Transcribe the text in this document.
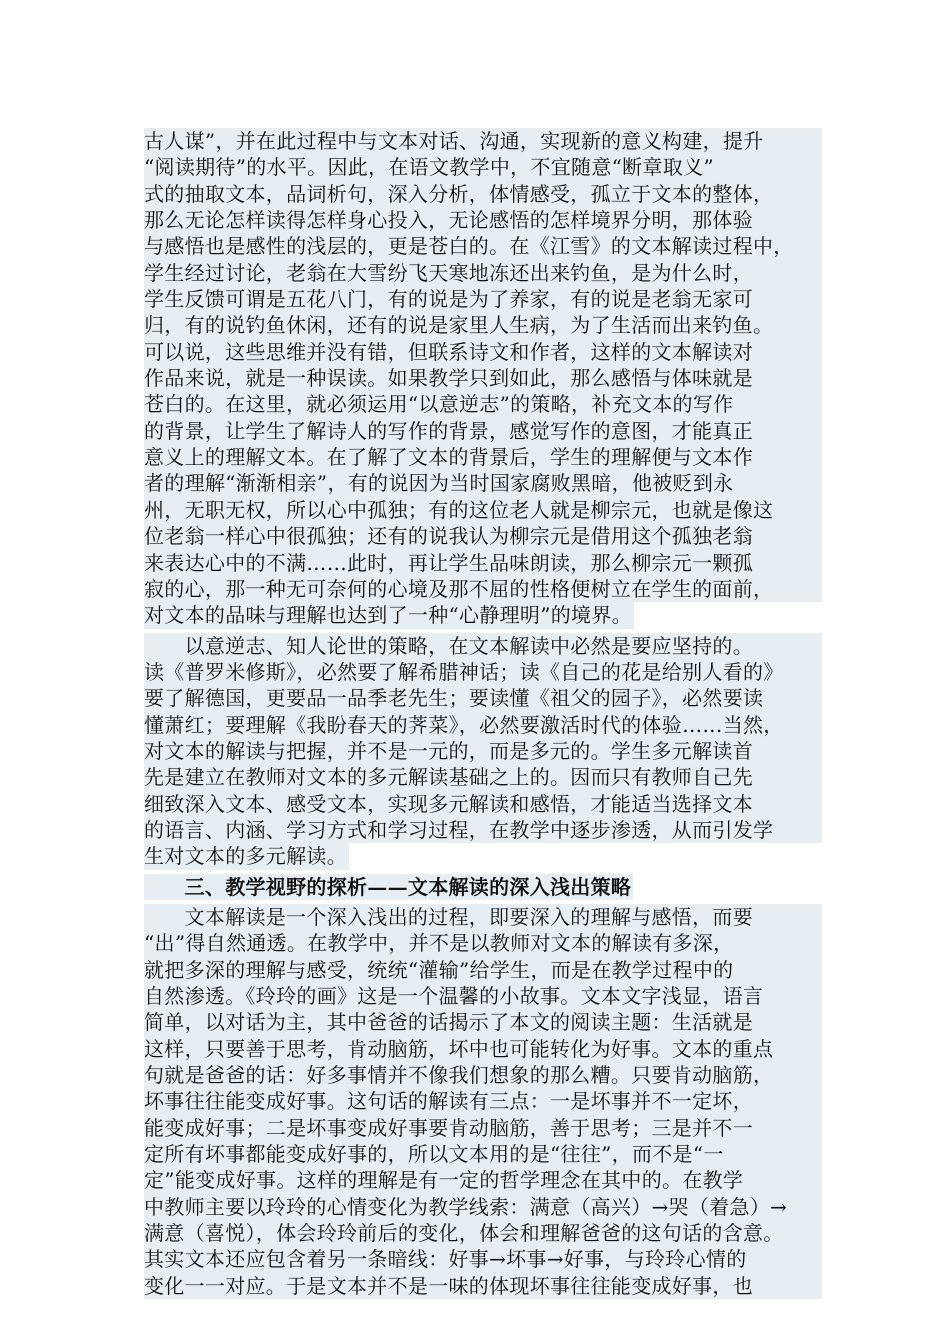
古人谋”，并在此过程中与文本对话、沟通，实现新的意义构建，提升
“阅读期待”的水平。因此，在语文教学中，不宜随意“断章取义”
式的抽取文本，品词析句，深入分析，体情感受，孤立于文本的整体，
那么无论怎样读得怎样身心投入，无论感悟的怎样境界分明，那体验
与感悟也是感性的浅层的，更是苍白的。在《江雪》的文本解读过程中，
学生经过讨论，老翁在大雪纷飞天寒地冻还出来钓鱼，是为什么时，
学生反馈可谓是五花八门，有的说是为了养家，有的说是老翁无家可
归，有的说钓鱼休闲，还有的说是家里人生病，为了生活而出来钓鱼。
可以说，这些思维并没有错，但联系诗文和作者，这样的文本解读对
作品来说，就是一种误读。如果教学只到如此，那么感悟与体味就是
苍白的。在这里，就必须运用“以意逆志”的策略，补充文本的写作
的背景，让学生了解诗人的写作的背景，感觉写作的意图，才能真正
意义上的理解文本。在了解了文本的背景后，学生的理解便与文本作
者的理解“渐渐相亲”，有的说因为当时国家腐败黑暗，他被贬到永
州，无职无权，所以心中孤独；有的这位老人就是柳宗元，也就是像这
位老翁一样心中很孤独；还有的说我认为柳宗元是借用这个孤独老翁
来表达心中的不满……此时，再让学生品味朗读，那么柳宗元一颗孤
寂的心，那一种无可奈何的心境及那不屈的性格便树立在学生的面前，
对文本的品味与理解也达到了一种“心静理明”的境界。
　　以意逆志、知人论世的策略，在文本解读中必然是要应坚持的。
读《普罗米修斯》，必然要了解希腊神话；读《自己的花是给别人看的》
要了解德国，更要品一品季老先生；要读懂《祖父的园子》，必然要读
懂萧红；要理解《我盼春天的荠菜》，必然要激活时代的体验……当然，
对文本的解读与把握，并不是一元的，而是多元的。学生多元解读首
先是建立在教师对文本的多元解读基础之上的。因而只有教师自己先
细致深入文本、感受文本，实现多元解读和感悟，才能适当选择文本
的语言、内涵、学习方式和学习过程，在教学中逐步渗透，从而引发学
生对文本的多元解读。
　　三、教学视野的探析——文本解读的深入浅出策略
　　文本解读是一个深入浅出的过程，即要深入的理解与感悟，而要
“出”得自然通透。在教学中，并不是以教师对文本的解读有多深，
就把多深的理解与感受，统统“灌输”给学生，而是在教学过程中的
自然渗透。《玲玲的画》这是一个温馨的小故事。文本文字浅显，语言
简单，以对话为主，其中爸爸的话揭示了本文的阅读主题：生活就是
这样，只要善于思考，肯动脑筋，坏中也可能转化为好事。文本的重点
句就是爸爸的话：好多事情并不像我们想象的那么糟。只要肯动脑筋，
坏事往往能变成好事。这句话的解读有三点：一是坏事并不一定坏，
能变成好事；二是坏事变成好事要肯动脑筋，善于思考；三是并不一
定所有坏事都能变成好事的，所以文本用的是“往往”，而不是“一
定”能变成好事。这样的理解是有一定的哲学理念在其中的。在教学
中教师主要以玲玲的心情变化为教学线索：满意（高兴）→哭（着急）→
满意（喜悦），体会玲玲前后的变化，体会和理解爸爸的这句话的含意。
其实文本还应包含着另一条暗线：好事→坏事→好事，与玲玲心情的
变化一一对应。于是文本并不是一味的体现坏事往往能变成好事，也
